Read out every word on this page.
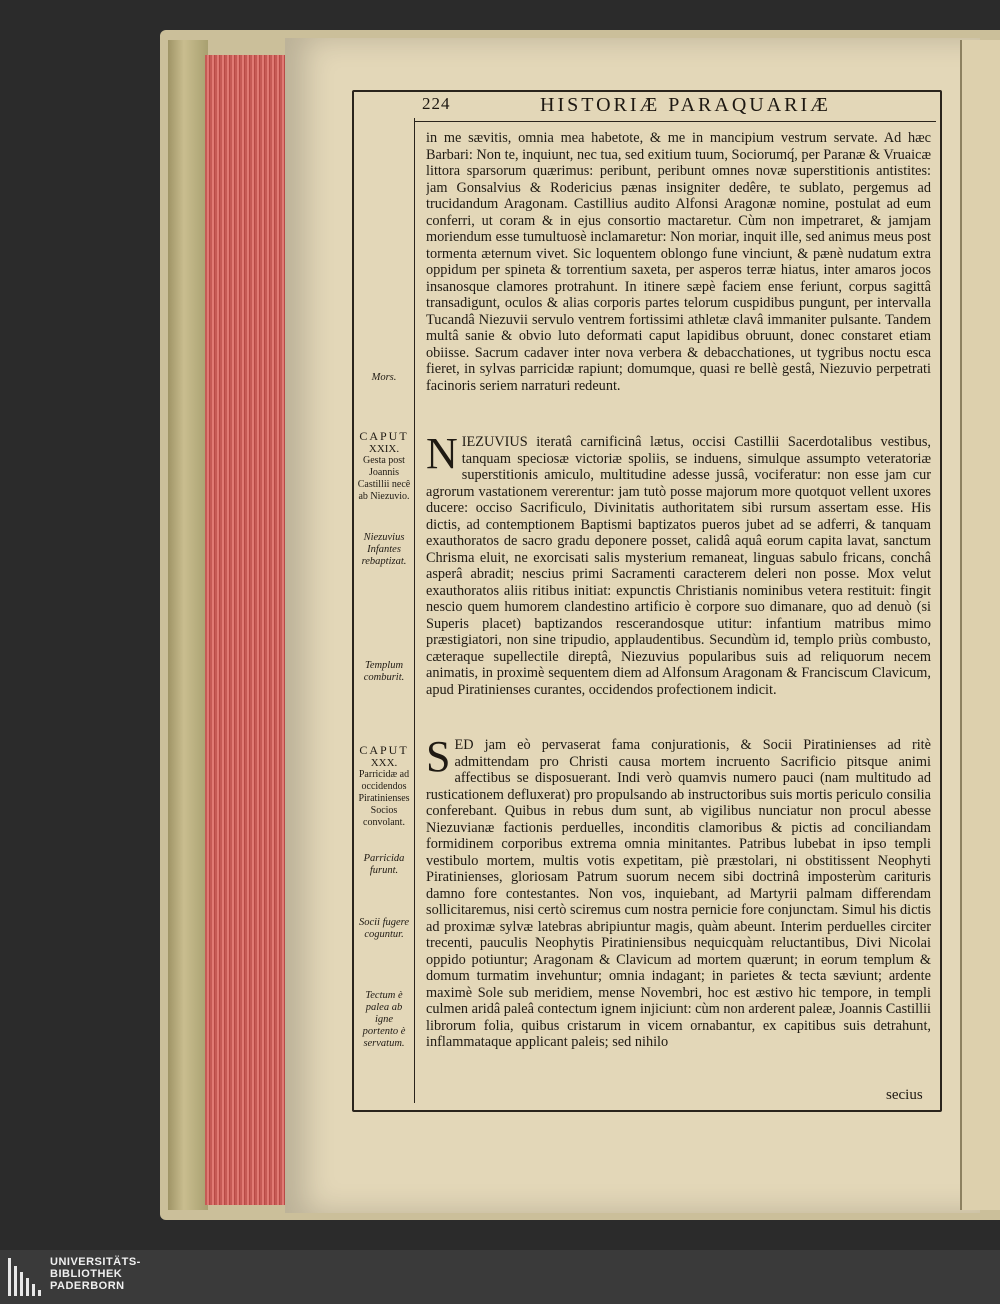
224	HISTORIÆ PARAQUARIÆ

in me sævitis, omnia mea habetote, & me in mancipium vestrum servate. Ad hæc Barbari: Non te, inquiunt, nec tua, sed exitium tuum, Sociorumq́, per Paranæ & Vruaicæ littora sparsorum quærimus: peribunt, peribunt omnes novæ superstitionis antistites: jam Gonsalvius & Rodericius pænas insigniter dedêre, te sublato, pergemus ad trucidandum Aragonam. Castillius audito Alfonsi Aragonæ nomine, postulat ad eum conferri, ut coram & in ejus consortio mactaretur. Cùm non impetraret, & jamjam moriendum esse tumultuosè inclamaretur: Non moriar, inquit ille, sed animus meus post tormenta æternum vivet. Sic loquentem oblongo fune vinciunt, & pænè nudatum extra oppidum per spineta & torrentium saxeta, per asperos terræ hiatus, inter amaros jocos insanosque clamores protrahunt. In itinere sæpè faciem ense feriunt, corpus sagittâ transadigunt, oculos & alias corporis partes telorum cuspidibus pungunt, per intervalla Tucandâ Niezuvii servulo ventrem fortissimi athletæ clavâ immaniter pulsante. Tandem multâ sanie & obvio luto deformati caput lapidibus obruunt, donec constaret etiam obiisse. Sacrum cadaver inter nova verbera & debacchationes, ut tygribus noctu esca fieret, in sylvas parricidæ rapiunt; domumque, quasi re bellè gestâ, Niezuvio perpetrati facinoris seriem narraturi redeunt.

NIEZUVIUS iteratâ carnificinâ lætus, occisi Castillii Sacerdotalibus vestibus, tanquam speciosæ victoriæ spoliis, se induens, simulque assumpto veteratoriæ superstitionis amiculo, multitudine adesse jussâ, vociferatur: non esse jam cur agrorum vastationem vererentur: jam tutò posse majorum more quotquot vellent uxores ducere: occiso Sacrificulo, Divinitatis authoritatem sibi rursum assertam esse. His dictis, ad contemptionem Baptismi baptizatos pueros jubet ad se adferri, & tanquam exauthoratos de sacro gradu deponere posset, calidâ aquâ eorum capita lavat, sanctum Chrisma eluit, ne exorcisati salis mysterium remaneat, linguas sabulo fricans, conchâ asperâ abradit; nescius primi Sacramenti caracterem deleri non posse. Mox velut exauthoratos aliis ritibus initiat: expunctis Christianis nominibus vetera restituit: fingit nescio quem humorem clandestino artificio è corpore suo dimanare, quo ad denuò (si Superis placet) baptizandos rescerandosque utitur: infantium matribus mimo præstigiatori, non sine tripudio, applaudentibus. Secundùm id, templo priùs combusto, cæteraque supellectile direptâ, Niezuvius popularibus suis ad reliquorum necem animatis, in proximè sequentem diem ad Alfonsum Aragonam & Franciscum Clavicum, apud Piratinienses curantes, occidendos profectionem indicit.

SED jam eò pervaserat fama conjurationis, & Socii Piratinienses ad ritè admittendam pro Christi causa mortem incruento Sacrificio pitsque animi affectibus se disposuerant. Indi verò quamvis numero pauci (nam multitudo ad rusticationem defluxerat) pro propulsando ab instructoribus suis mortis periculo consilia conferebant. Quibus in rebus dum sunt, ab vigilibus nunciatur non procul abesse Niezuvianæ factionis perduelles, inconditis clamoribus & pictis ad conciliandam formidinem corporibus extrema omnia minitantes. Patribus lubebat in ipso templi vestibulo mortem, multis votis expetitam, piè præstolari, ni obstitissent Neophyti Piratinienses, gloriosam Patrum suorum necem sibi doctrinâ imposterùm carituris damno fore contestantes. Non vos, inquiebant, ad Martyrii palmam differendam sollicitaremus, nisi certò sciremus cum nostra pernicie fore conjunctam. Simul his dictis ad proximæ sylvæ latebras abripiuntur magis, quàm abeunt. Interim perduelles circiter trecenti, pauculis Neophytis Piratiniensibus nequicquàm reluctantibus, Divi Nicolai oppido potiuntur; Aragonam & Clavicum ad mortem quærunt; in eorum templum & domum turmatim invehuntur; omnia indagant; in parietes & tecta sæviunt; ardente maximè Sole sub meridiem, mense Novembri, hoc est æstivo hic tempore, in templi culmen aridâ paleâ contectum ignem injiciunt: cùm non arderent paleæ, Joannis Castillii librorum folia, quibus cristarum in vicem ornabantur, ex capitibus suis detrahunt, inflammataque applicant paleis; sed nihilo

Mors.
CAPUT
XXIX.
Gesta post Joannis Castillii necê ab Niezuvio.
Niezuvius Infantes rebaptizat.
Templum comburit.
CAPUT
XXX.
Parricidæ ad occidendos Piratinienses Socios convolant.
Parricida furunt.
Socii fugere coguntur.
Tectum è palea ab igne portento è servatum.
secius
UNIVERSITÄTS-
BIBLIOTHEK
PADERBORN
